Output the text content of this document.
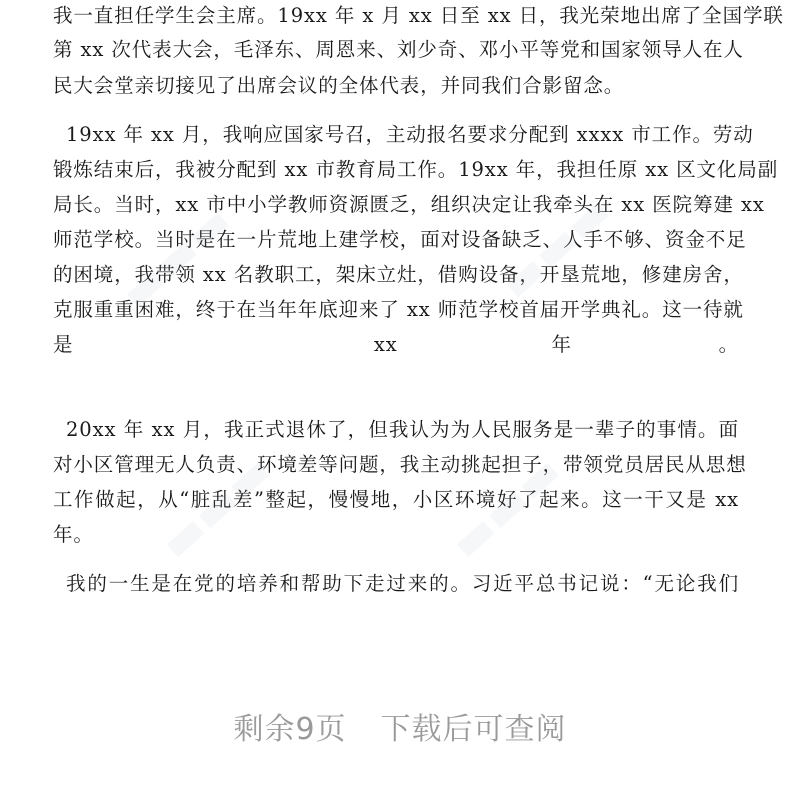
我一直担任学生会主席。19xx 年 x 月 xx 日至 xx 日，我光荣地出席了全国学联
第 xx 次代表大会，毛泽东、周恩来、刘少奇、邓小平等党和国家领导人在人
民大会堂亲切接见了出席会议的全体代表，并同我们合影留念。
19xx 年 xx 月，我响应国家号召，主动报名要求分配到 xxxx 市工作。劳动
锻炼结束后，我被分配到 xx 市教育局工作。19xx 年，我担任原 xx 区文化局副
局长。当时，xx 市中小学教师资源匮乏，组织决定让我牵头在 xx 医院筹建 xx
师范学校。当时是在一片荒地上建学校，面对设备缺乏、人手不够、资金不足
的困境，我带领 xx 名教职工，架床立灶，借购设备，开垦荒地，修建房舍，
克服重重困难，终于在当年年底迎来了 xx 师范学校首届开学典礼。这一待就
是 xx 年。
20xx 年 xx 月，我正式退休了，但我认为为人民服务是一辈子的事情。面
对小区管理无人负责、环境差等问题，我主动挑起担子，带领党员居民从思想
工作做起，从“脏乱差”整起，慢慢地，小区环境好了起来。这一干又是 xx
年。
我的一生是在党的培养和帮助下走过来的。习近平总书记说：“无论我们
▬▬▬
▬▬▬
▬▬▬
▬▬▬
剩余9页 下载后可查阅
